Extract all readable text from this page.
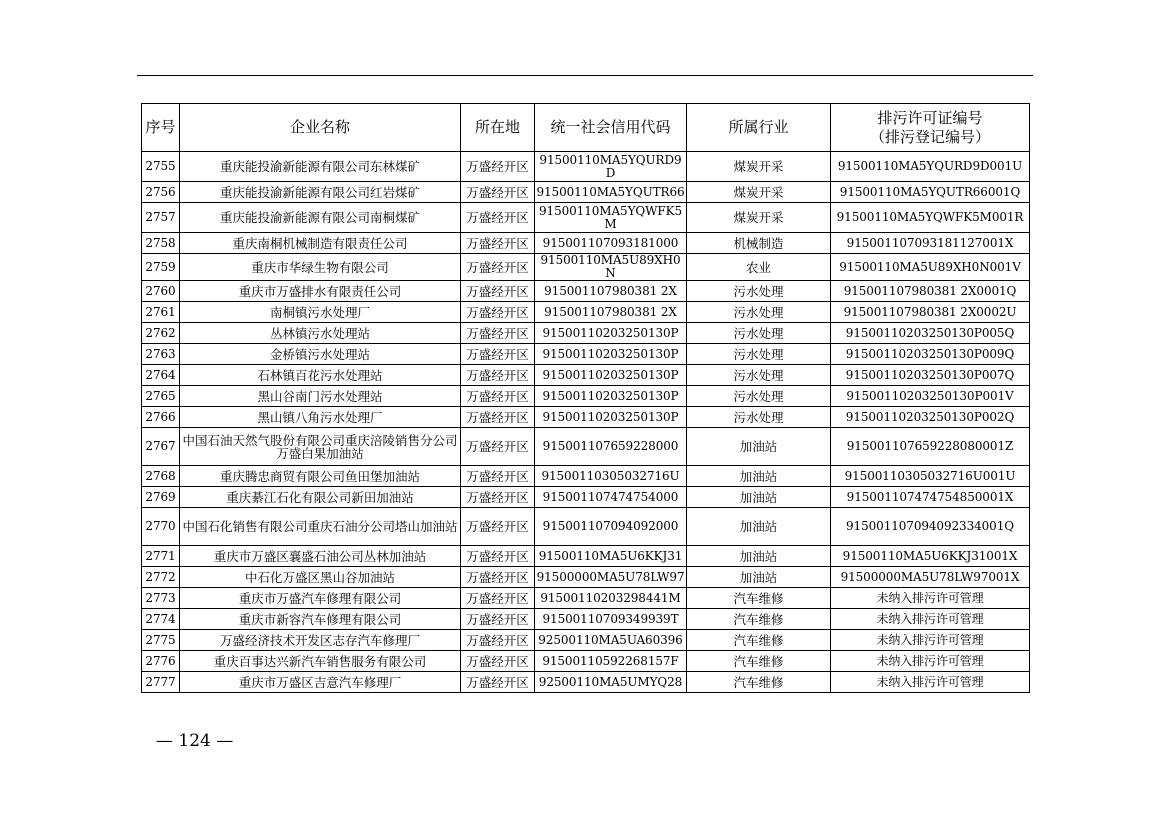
序号	企业名称	所在地	统一社会信用代码	所属行业	排污许可证编号
（排污登记编号）

2755	重庆能投渝新能源有限公司东林煤矿	万盛经开区	91500110MA5YQURD9D	煤炭开采	91500110MA5YQURD9D001U
2756	重庆能投渝新能源有限公司红岩煤矿	万盛经开区	91500110MA5YQUTR66	煤炭开采	91500110MA5YQUTR66001Q
2757	重庆能投渝新能源有限公司南桐煤矿	万盛经开区	91500110MA5YQWFK5M	煤炭开采	91500110MA5YQWFK5M001R
2758	重庆南桐机械制造有限责任公司	万盛经开区	915001107093181000	机械制造	915001107093181127001X
2759	重庆市华绿生物有限公司	万盛经开区	91500110MA5U89XH0N	农业	91500110MA5U89XH0N001V
2760	重庆市万盛排水有限责任公司	万盛经开区	915001107980381 2X	污水处理	915001107980381 2X0001Q
2761	南桐镇污水处理厂	万盛经开区	915001107980381 2X	污水处理	915001107980381 2X0002U
2762	丛林镇污水处理站	万盛经开区	91500110203250130P	污水处理	91500110203250130P005Q
2763	金桥镇污水处理站	万盛经开区	91500110203250130P	污水处理	91500110203250130P009Q
2764	石林镇百花污水处理站	万盛经开区	91500110203250130P	污水处理	91500110203250130P007Q
2765	黑山谷南门污水处理站	万盛经开区	91500110203250130P	污水处理	91500110203250130P001V
2766	黑山镇八角污水处理厂	万盛经开区	91500110203250130P	污水处理	91500110203250130P002Q
2767	中国石油天然气股份有限公司重庆涪陵销售分公司万盛白果加油站	万盛经开区	915001107659228000	加油站	915001107659228080001Z
2768	重庆腾忠商贸有限公司鱼田堡加油站	万盛经开区	91500110305032716U	加油站	91500110305032716U001U
2769	重庆綦江石化有限公司新田加油站	万盛经开区	915001107474754000	加油站	915001107474754850001X
2770	中国石化销售有限公司重庆石油分公司塔山加油站	万盛经开区	915001107094092000	加油站	915001107094092334001Q
2771	重庆市万盛区襄盛石油公司丛林加油站	万盛经开区	91500110MA5U6KKJ31	加油站	91500110MA5U6KKJ31001X
2772	中石化万盛区黑山谷加油站	万盛经开区	91500000MA5U78LW97	加油站	91500000MA5U78LW97001X
2773	重庆市万盛汽车修理有限公司	万盛经开区	91500110203298441M	汽车维修	未纳入排污许可管理
2774	重庆市新容汽车修理有限公司	万盛经开区	91500110709349939T	汽车维修	未纳入排污许可管理
2775	万盛经济技术开发区志存汽车修理厂	万盛经开区	92500110MA5UA60396	汽车维修	未纳入排污许可管理
2776	重庆百事达兴新汽车销售服务有限公司	万盛经开区	91500110592268157F	汽车维修	未纳入排污许可管理
2777	重庆市万盛区吉意汽车修理厂	万盛经开区	92500110MA5UMYQ28	汽车维修	未纳入排污许可管理
— 124 —
